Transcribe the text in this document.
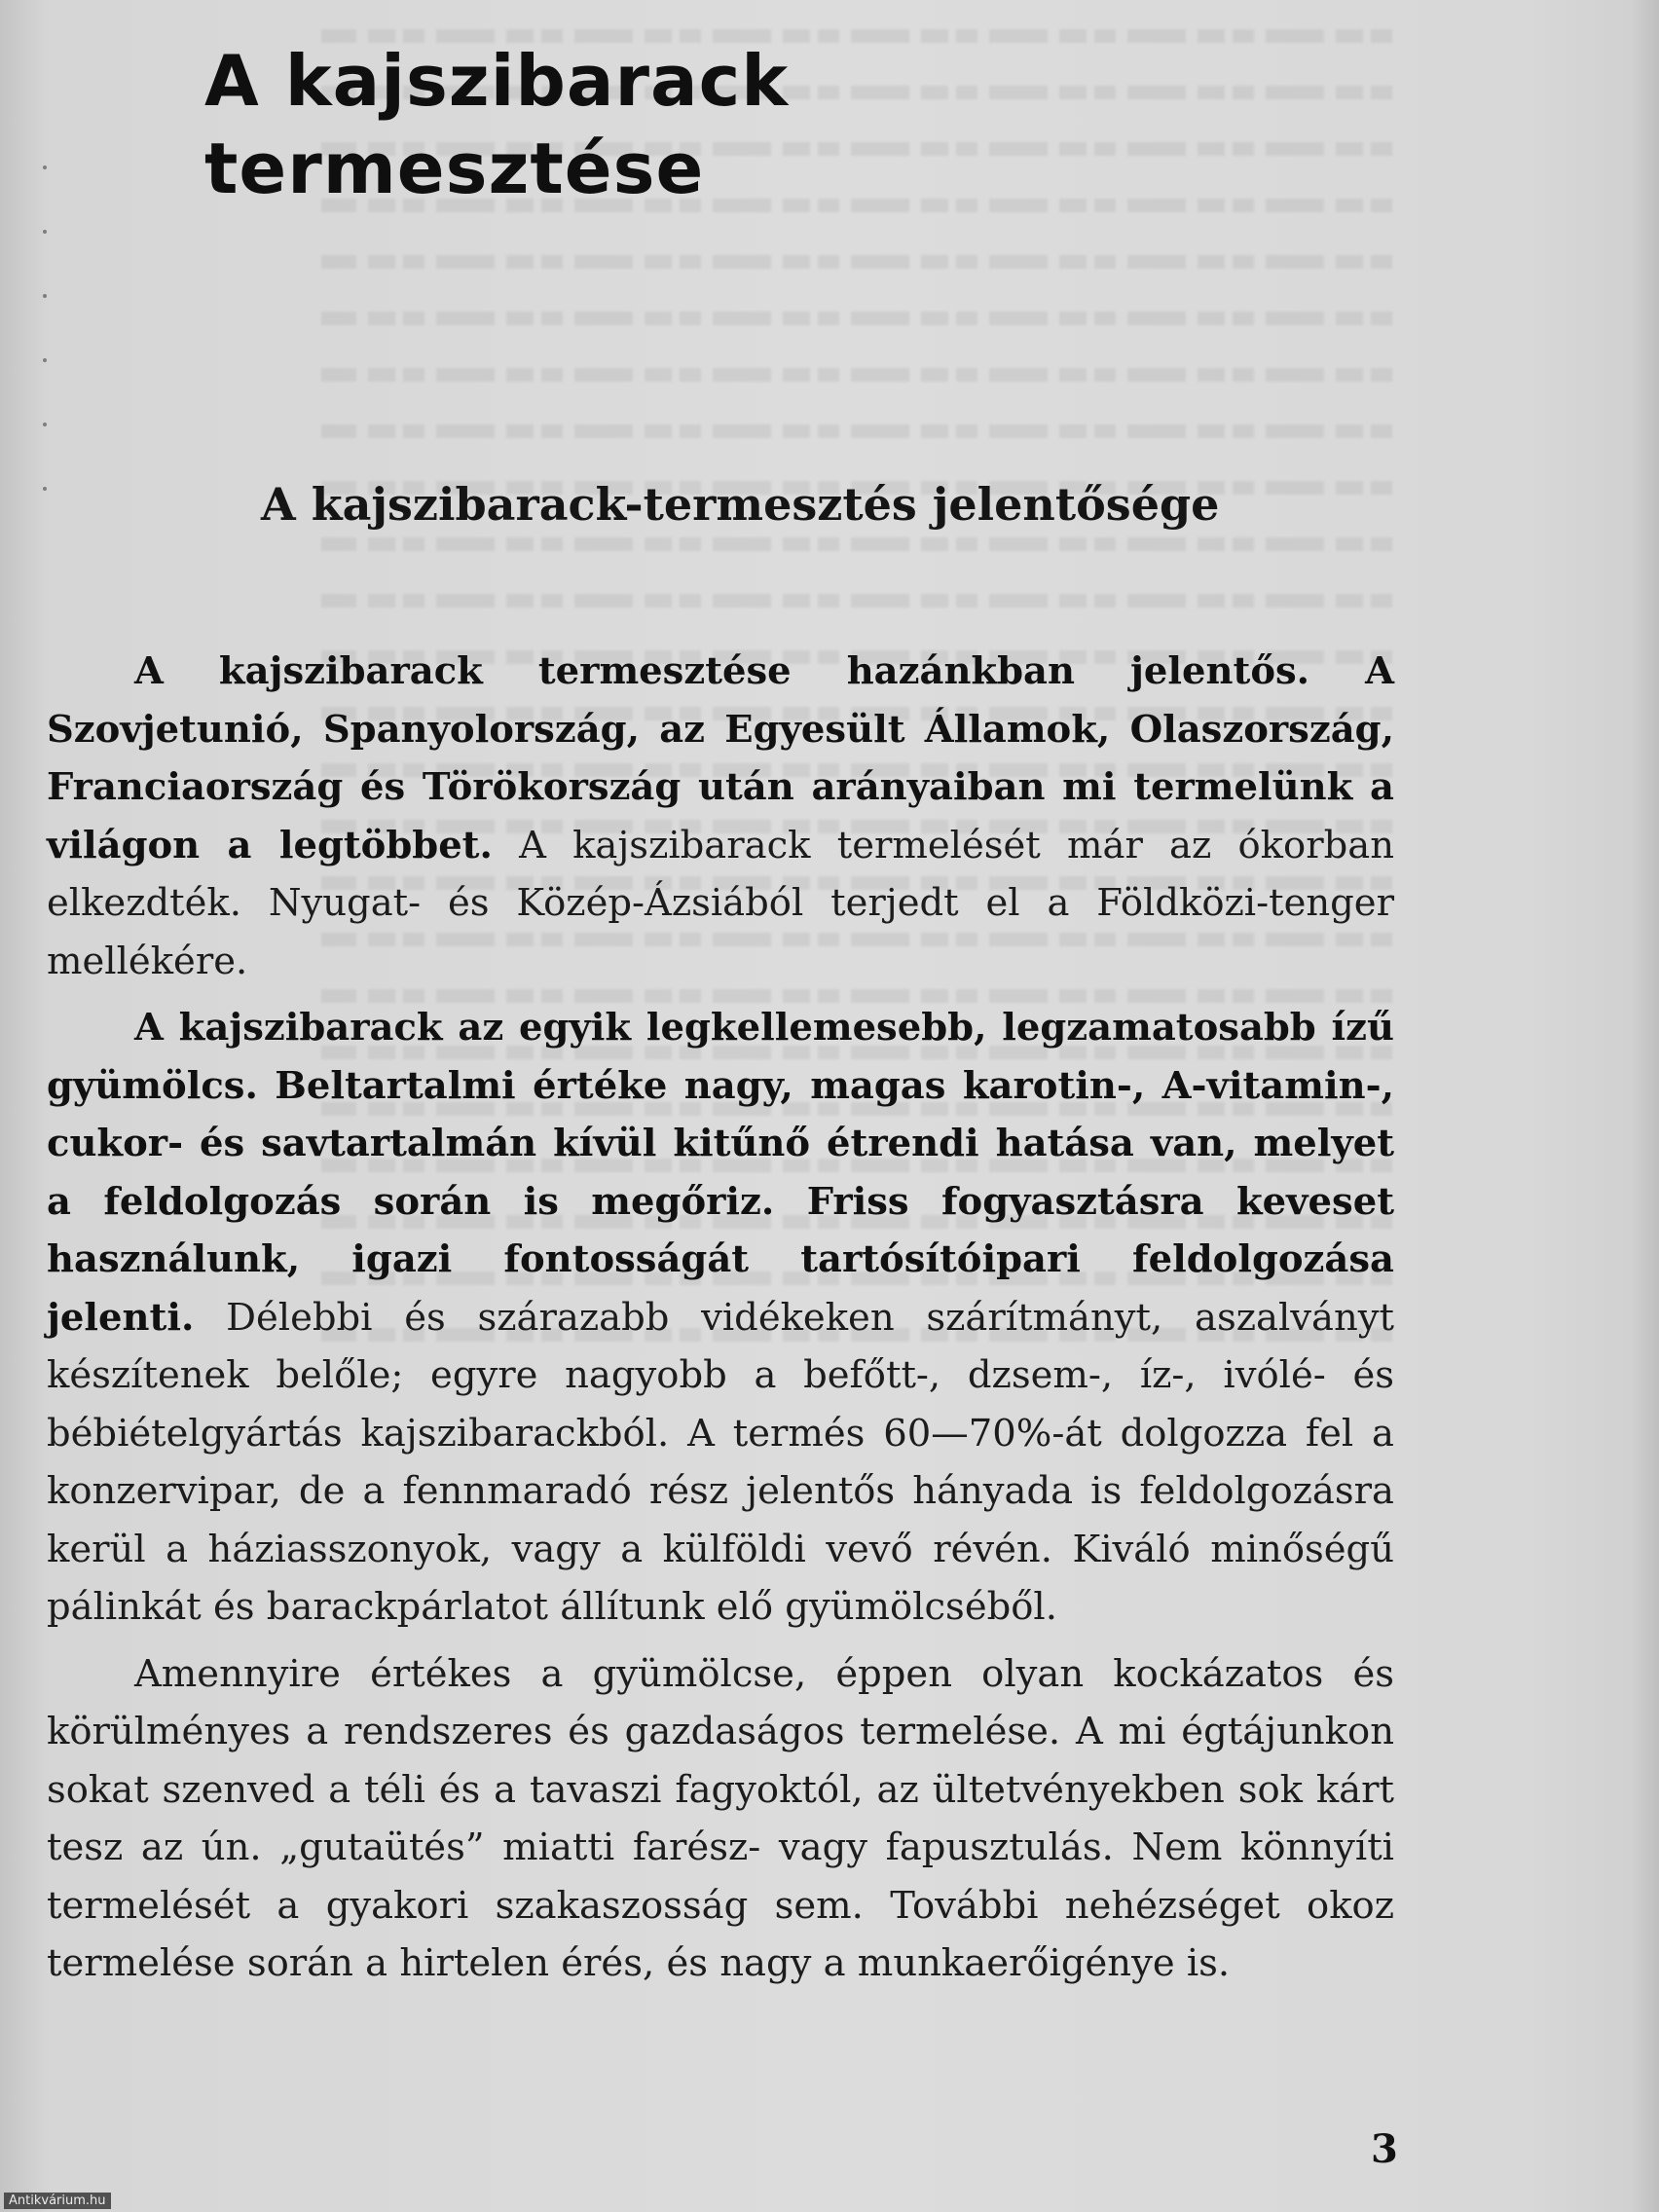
A kajszibarack termesztése
A kajszibarack-termesztés jelentősége

A kajszibarack termesztése hazánkban jelentős. A Szovjetunió, Spanyolország, az Egyesült Államok, Olaszország, Franciaország és Törökország után arányaiban mi termelünk a világon a legtöbbet. A kajszibarack termelését már az ókorban elkezdték. Nyugat- és Közép-Ázsiából terjedt el a Földközi-tenger mellékére.

A kajszibarack az egyik legkellemesebb, legzamatosabb ízű gyümölcs. Beltartalmi értéke nagy, magas karotin-, A-vitamin-, cukor- és savtartalmán kívül kitűnő étrendi hatása van, melyet a feldolgozás során is megőriz. Friss fogyasztásra keveset használunk, igazi fontosságát tartósítóipari feldolgozása jelenti. Délebbi és szárazabb vidékeken szárítmányt, aszalványt készítenek belőle; egyre nagyobb a befőtt-, dzsem-, íz-, ivólé- és bébiételgyártás kajszibarackból. A termés 60—70%-át dolgozza fel a konzervipar, de a fennmaradó rész jelentős hányada is feldolgozásra kerül a háziasszonyok, vagy a külföldi vevő révén. Kiváló minőségű pálinkát és barackpárlatot állítunk elő gyümölcséből.

Amennyire értékes a gyümölcse, éppen olyan kockázatos és körülményes a rendszeres és gazdaságos termelése. A mi égtájunkon sokat szenved a téli és a tavaszi fagyoktól, az ültetvényekben sok kárt tesz az ún. „gutaütés” miatti farész- vagy fapusztulás. Nem könnyíti termelését a gyakori szakaszosság sem. További nehézséget okoz termelése során a hirtelen érés, és nagy a munkaerőigénye is.

3
Antikvárium.hu
